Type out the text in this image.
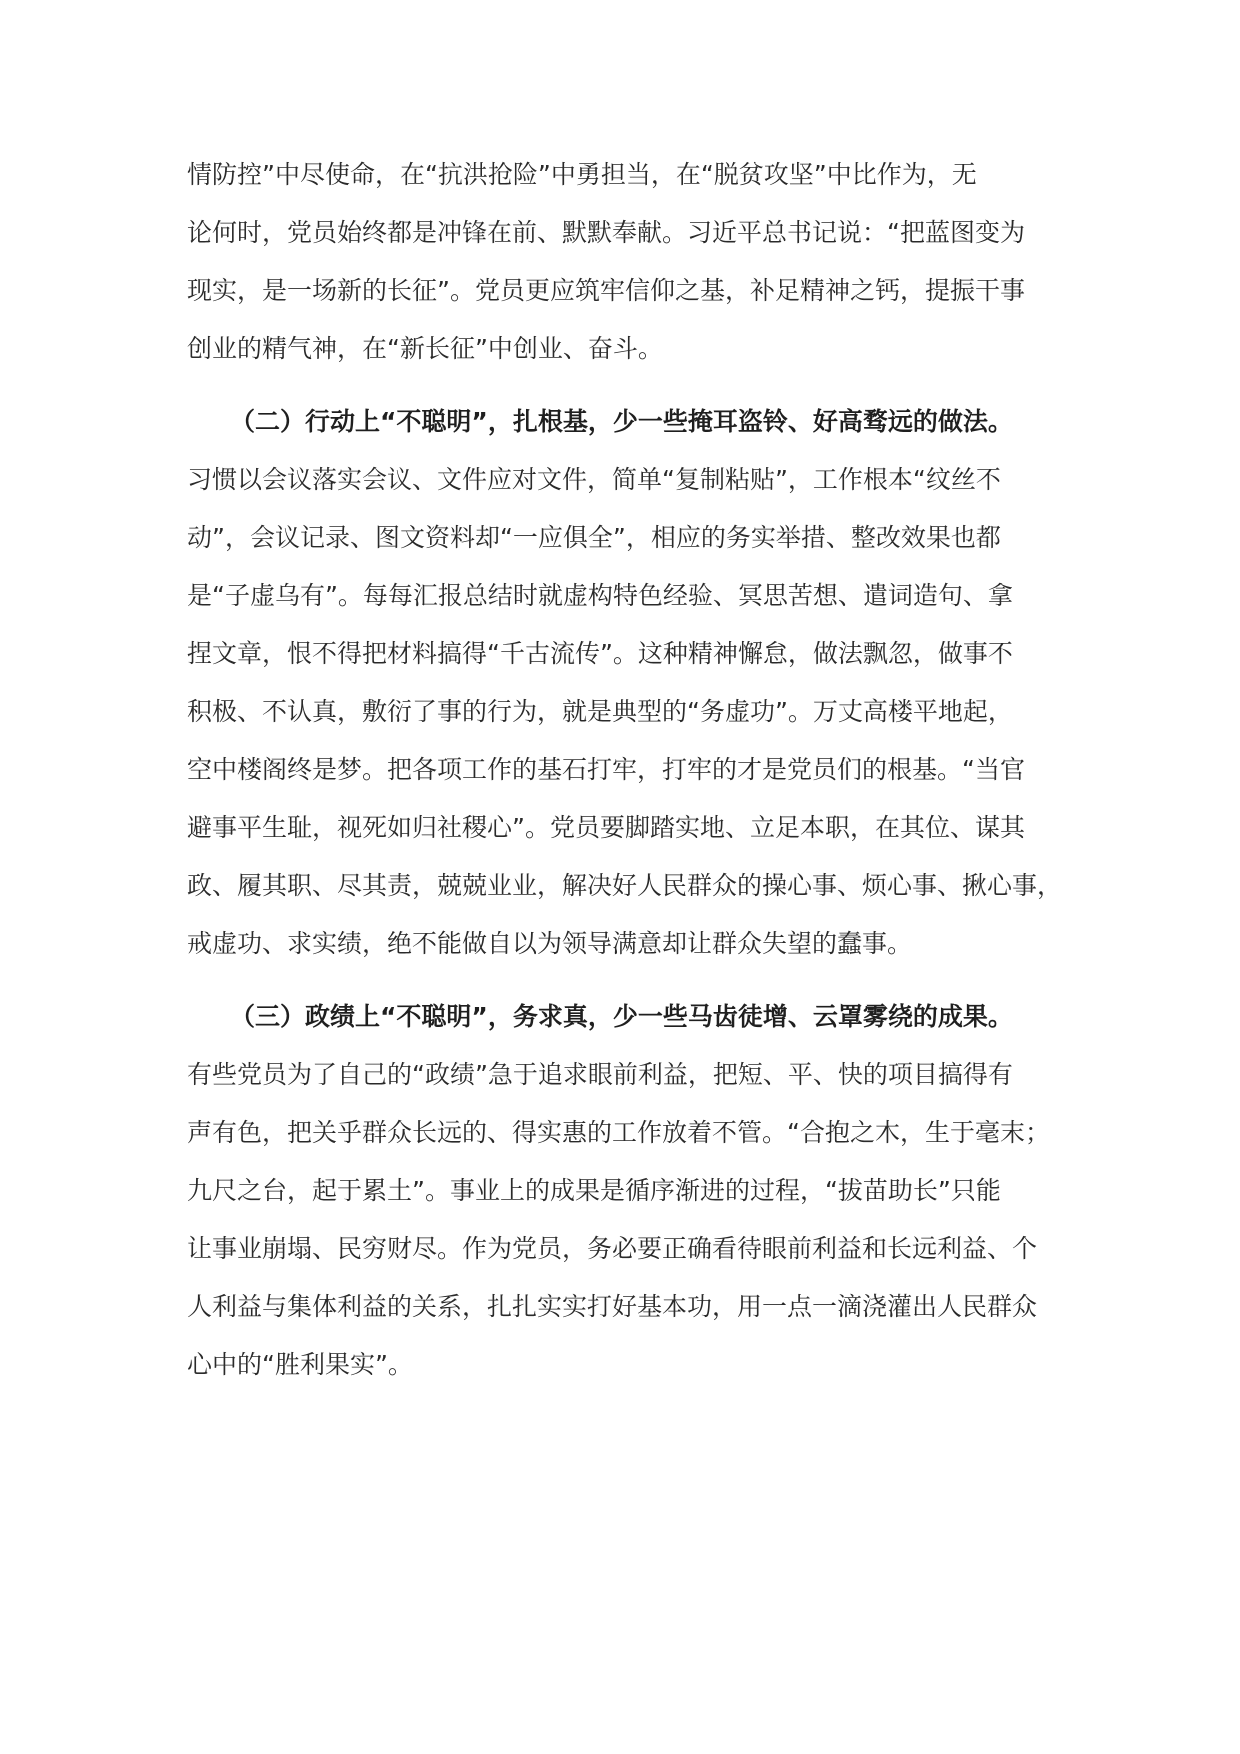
情防控”中尽使命，在“抗洪抢险”中勇担当，在“脱贫攻坚”中比作为，无
论何时，党员始终都是冲锋在前、默默奉献。习近平总书记说：“把蓝图变为
现实，是一场新的长征”。党员更应筑牢信仰之基，补足精神之钙，提振干事
创业的精气神，在“新长征”中创业、奋斗。
（二）行动上“不聪明”，扎根基，少一些掩耳盗铃、好高骛远的做法。
习惯以会议落实会议、文件应对文件，简单“复制粘贴”，工作根本“纹丝不
动”，会议记录、图文资料却“一应俱全”，相应的务实举措、整改效果也都
是“子虚乌有”。每每汇报总结时就虚构特色经验、冥思苦想、遣词造句、拿
捏文章，恨不得把材料搞得“千古流传”。这种精神懈怠，做法飘忽，做事不
积极、不认真，敷衍了事的行为，就是典型的“务虚功”。万丈高楼平地起，
空中楼阁终是梦。把各项工作的基石打牢，打牢的才是党员们的根基。“当官
避事平生耻，视死如归社稷心”。党员要脚踏实地、立足本职，在其位、谋其
政、履其职、尽其责，兢兢业业，解决好人民群众的操心事、烦心事、揪心事，
戒虚功、求实绩，绝不能做自以为领导满意却让群众失望的蠢事。
（三）政绩上“不聪明”，务求真，少一些马齿徒增、云罩雾绕的成果。
有些党员为了自己的“政绩”急于追求眼前利益，把短、平、快的项目搞得有
声有色，把关乎群众长远的、得实惠的工作放着不管。“合抱之木，生于毫末；
九尺之台，起于累土”。事业上的成果是循序渐进的过程，“拔苗助长”只能
让事业崩塌、民穷财尽。作为党员，务必要正确看待眼前利益和长远利益、个
人利益与集体利益的关系，扎扎实实打好基本功，用一点一滴浇灌出人民群众
心中的“胜利果实”。
